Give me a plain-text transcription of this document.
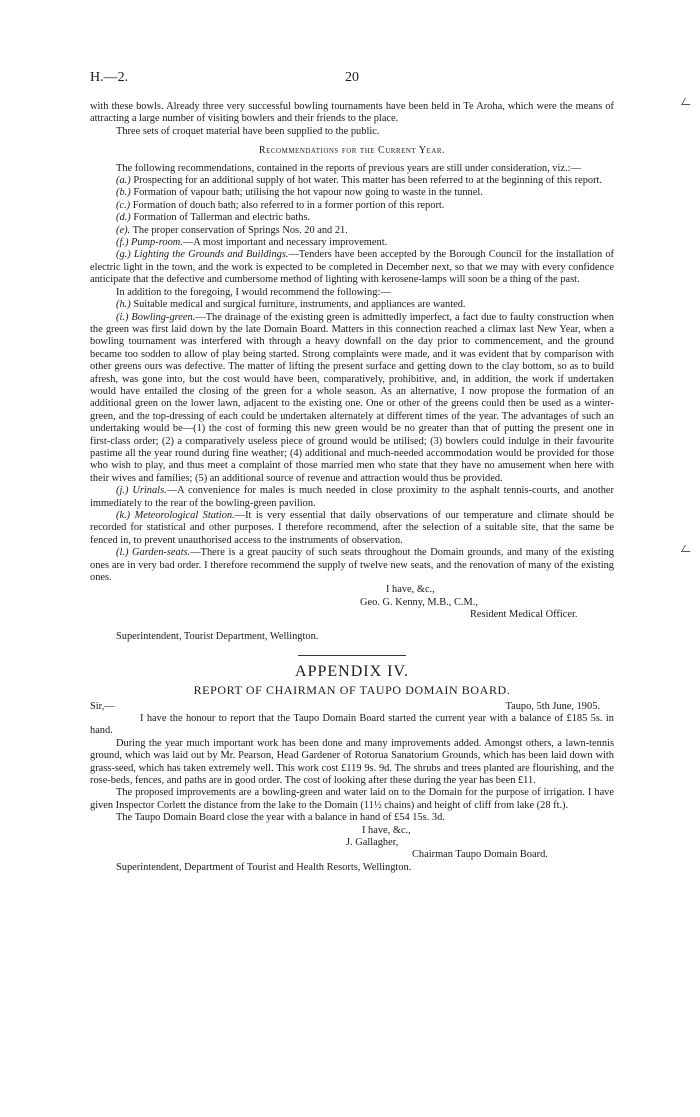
H.—2.	20

with these bowls. Already three very successful bowling tournaments have been held in Te Aroha, which were the means of attracting a large number of visiting bowlers and their friends to the place.

Three sets of croquet material have been supplied to the public.

Recommendations for the Current Year.

The following recommendations, contained in the reports of previous years are still under consideration, viz.:—

(a.) Prospecting for an additional supply of hot water. This matter has been referred to at the beginning of this report.
(b.) Formation of vapour bath; utilising the hot vapour now going to waste in the tunnel.
(c.) Formation of douch bath; also referred to in a former portion of this report.
(d.) Formation of Tallerman and electric baths.
(e). The proper conservation of Springs Nos. 20 and 21.
(f.) Pump-room.—A most important and necessary improvement.
(g.) Lighting the Grounds and Buildings.—Tenders have been accepted by the Borough Council for the installation of electric light in the town, and the work is expected to be completed in December next, so that we may with every confidence anticipate that the defective and cumbersome method of lighting with kerosene-lamps will soon be a thing of the past.

In addition to the foregoing, I would recommend the following:—

(h.) Suitable medical and surgical furniture, instruments, and appliances are wanted.
(i.) Bowling-green.—The drainage of the existing green is admittedly imperfect, a fact due to faulty construction when the green was first laid down by the late Domain Board. Matters in this connection reached a climax last New Year, when a bowling tournament was interfered with through a heavy downfall on the day prior to commencement, and the ground became too sodden to allow of play being started. Strong complaints were made, and it was evident that by comparison with other greens ours was defective. The matter of lifting the present surface and getting down to the clay bottom, so as to build afresh, was gone into, but the cost would have been, comparatively, prohibitive, and, in addition, the work if undertaken would have entailed the closing of the green for a whole season. As an alternative, I now propose the formation of an additional green on the lower lawn, adjacent to the existing one. One or other of the greens could then be used as a winter-green, and the top-dressing of each could be undertaken alternately at different times of the year. The advantages of such an undertaking would be—(1) the cost of forming this new green would be no greater than that of putting the present one in first-class order; (2) a comparatively useless piece of ground would be utilised; (3) bowlers could indulge in their favourite pastime all the year round during fine weather; (4) additional and much-needed accommodation would be provided for those who wish to play, and thus meet a complaint of those married men who state that they have no amusement when here with their wives and families; (5) an additional source of revenue and attraction would thus be provided.
(j.) Urinals.—A convenience for males is much needed in close proximity to the asphalt tennis-courts, and another immediately to the rear of the bowling-green pavilion.
(k.) Meteorological Station.—It is very essential that daily observations of our temperature and climate should be recorded for statistical and other purposes. I therefore recommend, after the selection of a suitable site, that the same be fenced in, to prevent unauthorised access to the instruments of observation.
(l.) Garden-seats.—There is a great paucity of such seats throughout the Domain grounds, and many of the existing ones are in very bad order. I therefore recommend the supply of twelve new seats, and the renovation of many of the existing ones.

I have, &c.,

Geo. G. Kenny, M.B., C.M.,

Resident Medical Officer.

Superintendent, Tourist Department, Wellington.

APPENDIX IV.
REPORT OF CHAIRMAN OF TAUPO DOMAIN BOARD.
Sir,—	Taupo, 5th June, 1905.

I have the honour to report that the Taupo Domain Board started the current year with a balance of £185 5s. in hand.

During the year much important work has been done and many improvements added. Amongst others, a lawn-tennis ground, which was laid out by Mr. Pearson, Head Gardener of Rotorua Sanatorium Grounds, which has been laid down with grass-seed, which has taken extremely well. This work cost £119 9s. 9d. The shrubs and trees planted are flourishing, and the rose-beds, fences, and paths are in good order. The cost of looking after these during the year has been £11.

The proposed improvements are a bowling-green and water laid on to the Domain for the purpose of irrigation. I have given Inspector Corlett the distance from the lake to the Domain (11½ chains) and height of cliff from lake (28 ft.).

The Taupo Domain Board close the year with a balance in hand of £54 15s. 3d.

I have, &c.,

J. Gallagher,

Chairman Taupo Domain Board.

Superintendent, Department of Tourist and Health Resorts, Wellington.
